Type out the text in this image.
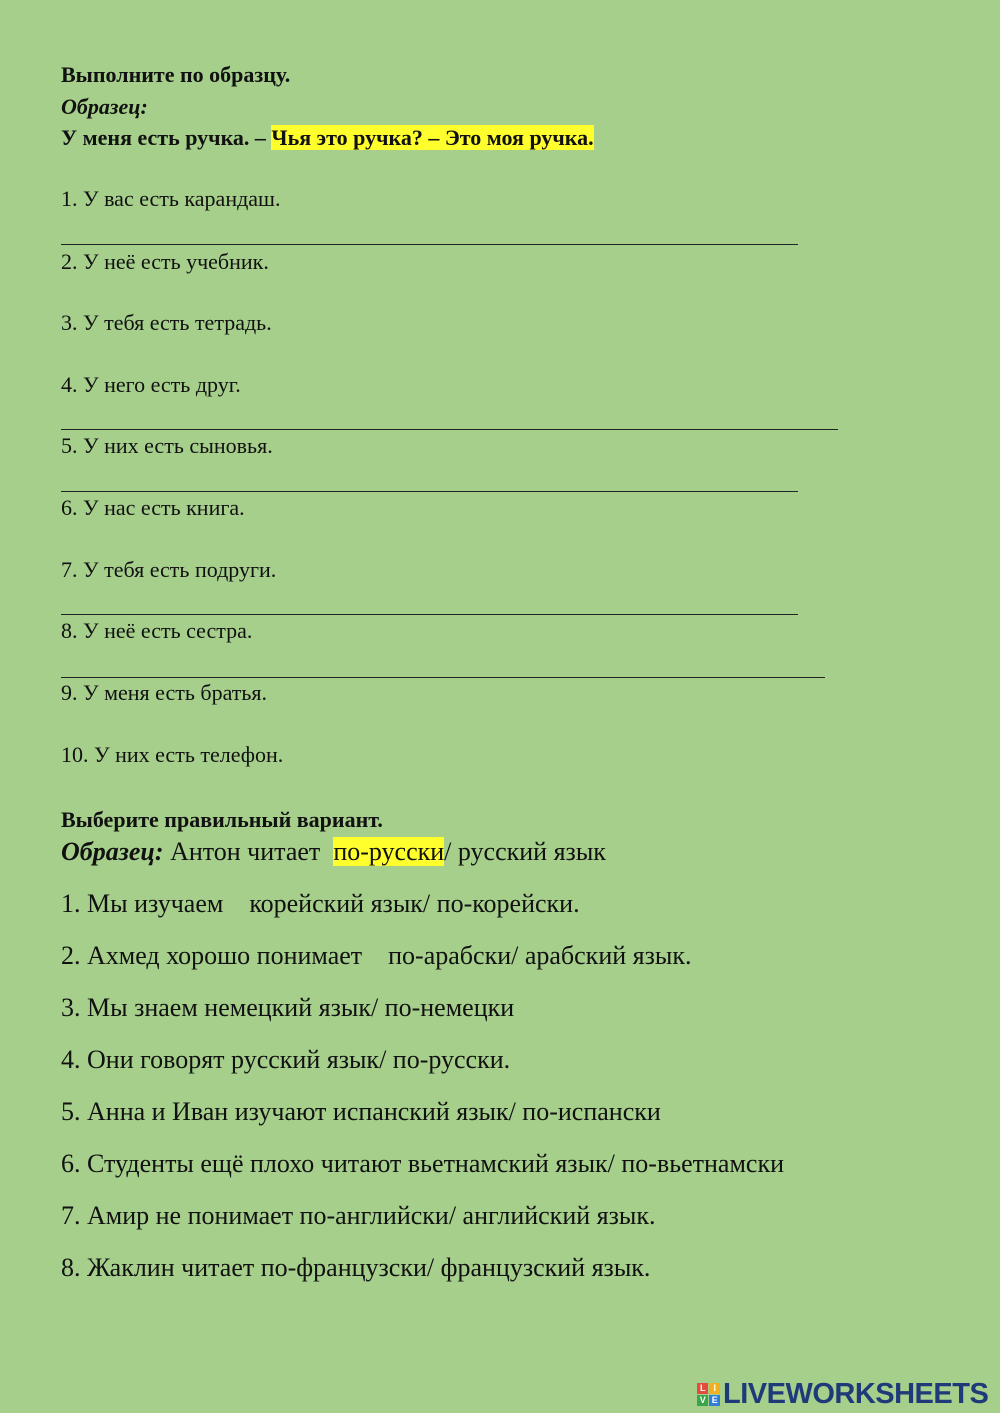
Выполните по образцу.
Образец:
У меня есть ручка. – Чья это ручка? – Это моя ручка.
1. У вас есть карандаш.
2. У неё есть учебник.
3. У тебя есть тетрадь.
4. У него есть друг.
5. У них есть сыновья.
6. У нас есть книга.
7. У тебя есть подруги.
8. У неё есть сестра.
9. У меня есть братья.
10. У них есть телефон.
Выберите правильный вариант.
Образец: Антон читает по-русски/ русский язык
1. Мы изучаем    корейский язык/ по-корейски.
2. Ахмед хорошо понимает    по-арабски/ арабский язык.
3. Мы знаем немецкий язык/ по-немецки
4. Они говорят русский язык/ по-русски.
5. Анна и Иван изучают испанский язык/ по-испански
6. Студенты ещё плохо читают вьетнамский язык/ по-вьетнамски
7. Амир не понимает по-английски/ английский язык.
8. Жаклин читает по-французски/ французский язык.
L I
V E LIVEWORKSHEETS
